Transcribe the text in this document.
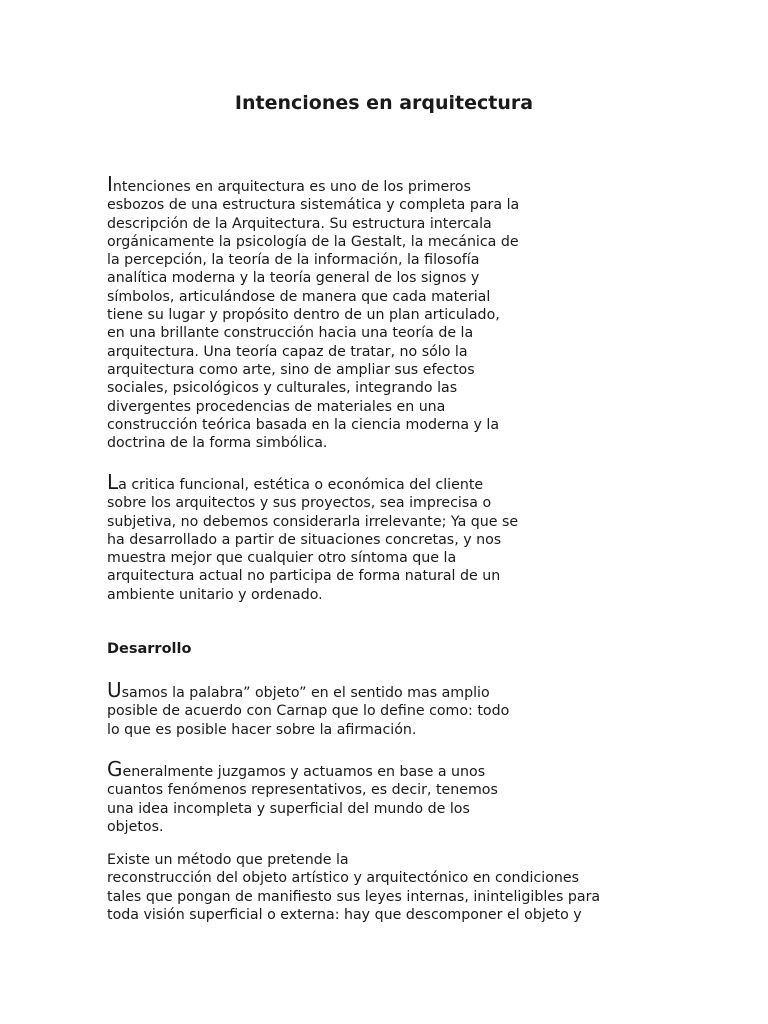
Intenciones en arquitectura
Intenciones en arquitectura es uno de los primeros
esbozos de una estructura sistemática y completa para la
descripción de la Arquitectura. Su estructura intercala
orgánicamente la psicología de la Gestalt, la mecánica de
la percepción, la teoría de la información, la filosofía
analítica moderna y la teoría general de los signos y
símbolos, articulándose de manera que cada material
tiene su lugar y propósito dentro de un plan articulado,
en una brillante construcción hacia una teoría de la
arquitectura. Una teoría capaz de tratar, no sólo la
arquitectura como arte, sino de ampliar sus efectos
sociales, psicológicos y culturales, integrando las
divergentes procedencias de materiales en una
construcción teórica basada en la ciencia moderna y la
doctrina de la forma simbólica.
La critica funcional, estética o económica del cliente
sobre los arquitectos y sus proyectos, sea imprecisa o
subjetiva, no debemos considerarla irrelevante; Ya que se
ha desarrollado a partir de situaciones concretas, y nos
muestra mejor que cualquier otro síntoma que la
arquitectura actual no participa de forma natural de un
ambiente unitario y ordenado.
Desarrollo
Usamos la palabra” objeto” en el sentido mas amplio
posible de acuerdo con Carnap que lo define como: todo
lo que es posible hacer sobre la afirmación.
Generalmente juzgamos y actuamos en base a unos
cuantos fenómenos representativos, es decir, tenemos
una idea incompleta y superficial del mundo de los
objetos.
Existe un método que pretende la
reconstrucción del objeto artístico y arquitectónico en condiciones
tales que pongan de manifiesto sus leyes internas, ininteligibles para
toda visión superficial o externa: hay que descomponer el objeto y
